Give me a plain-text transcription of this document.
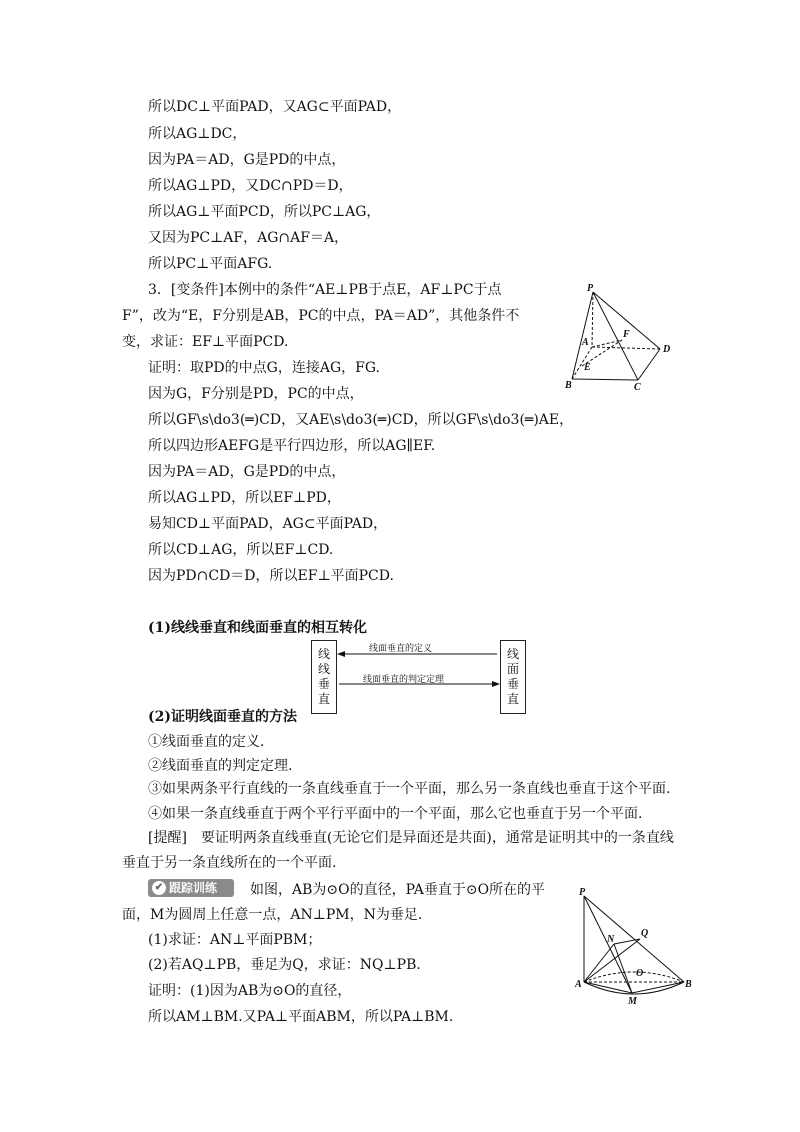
所以DC⊥平面PAD，又AG⊂平面PAD，
所以AG⊥DC，
因为PA＝AD，G是PD的中点，
所以AG⊥PD，又DC∩PD＝D，
所以AG⊥平面PCD，所以PC⊥AG，
又因为PC⊥AF，AG∩AF＝A，
所以PC⊥平面AFG.
3．[变条件]本例中的条件“AE⊥PB于点E，AF⊥PC于点
F”，改为“E，F分别是AB，PC的中点，PA＝AD”，其他条件不
变，求证：EF⊥平面PCD.
证明：取PD的中点G，连接AG，FG.
因为G，F分别是PD，PC的中点，
所以GF\s\do3(═)CD，又AE\s\do3(═)CD，所以GF\s\do3(═)AE，
所以四边形AEFG是平行四边形，所以AG∥EF.
因为PA＝AD，G是PD的中点，
所以AG⊥PD，所以EF⊥PD，
易知CD⊥平面PAD，AG⊂平面PAD，
所以CD⊥AG，所以EF⊥CD.
因为PD∩CD＝D，所以EF⊥平面PCD.
P
A
F
D
E
B	C
(1)线线垂直和线面垂直的相互转化
线线垂直
线面垂直
线面垂直的定义
线面垂直的判定定理
(2)证明线面垂直的方法
①线面垂直的定义.
②线面垂直的判定定理.
③如果两条平行直线的一条直线垂直于一个平面，那么另一条直线也垂直于这个平面.
④如果一条直线垂直于两个平行平面中的一个平面，那么它也垂直于另一个平面.
[提醒]　要证明两条直线垂直(无论它们是异面还是共面)，通常是证明其中的一条直线
垂直于另一条直线所在的一个平面.
✔ 跟踪训练	如图，AB为⊙O的直径，PA垂直于⊙O所在的平
面，M为圆周上任意一点，AN⊥PM，N为垂足.
(1)求证：AN⊥平面PBM；
(2)若AQ⊥PB，垂足为Q，求证：NQ⊥PB.
证明：(1)因为AB为⊙O的直径，
所以AM⊥BM.又PA⊥平面ABM，所以PA⊥BM.
P
N
Q
O
A	B
M
